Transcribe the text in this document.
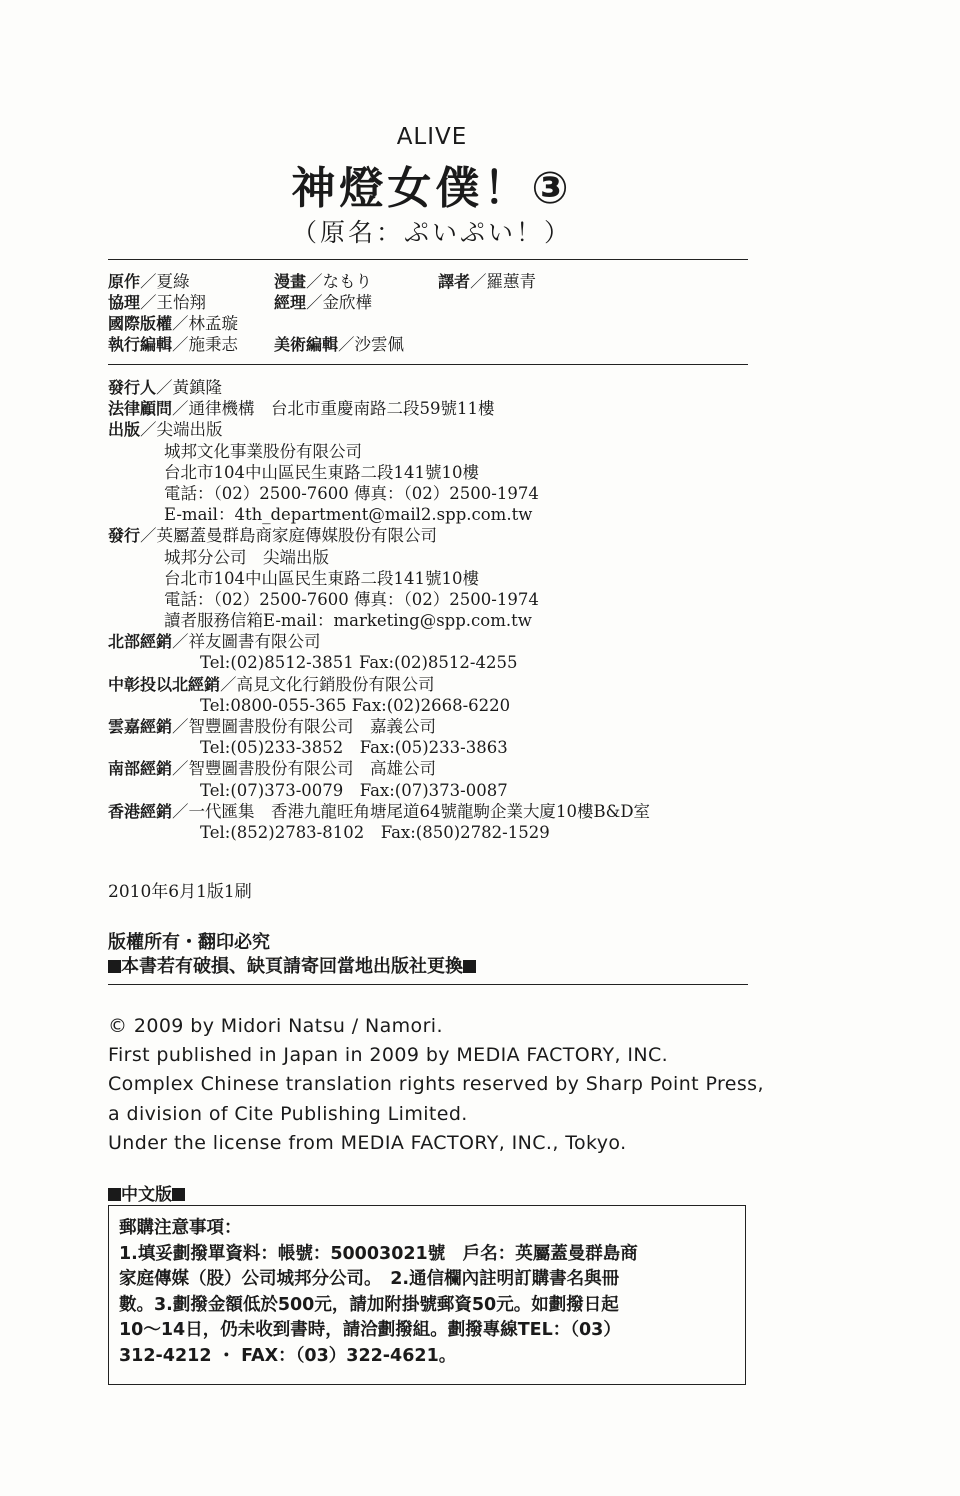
ALIVE
神燈女僕！③
（原名：ぷいぷい！）
原作／夏綠	漫畫／なもり	譯者／羅蕙青
協理／王怡翔	經理／金欣樺
國際版權／林孟璇
執行編輯／施秉志 美術編輯／沙雲佩
發行人／黃鎮隆
法律顧問／通律機構　台北市重慶南路二段59號11樓
出版／尖端出版
城邦文化事業股份有限公司
台北市104中山區民生東路二段141號10樓
電話：（02）2500-7600 傳真：（02）2500-1974
E-mail：4th_department@mail2.spp.com.tw
發行／英屬蓋曼群島商家庭傳媒股份有限公司
城邦分公司　尖端出版
台北市104中山區民生東路二段141號10樓
電話：（02）2500-7600 傳真：（02）2500-1974
讀者服務信箱E-mail：marketing@spp.com.tw
北部經銷／祥友圖書有限公司
Tel:(02)8512-3851 Fax:(02)8512-4255
中彰投以北經銷／高見文化行銷股份有限公司
Tel:0800-055-365 Fax:(02)2668-6220
雲嘉經銷／智豐圖書股份有限公司　嘉義公司
Tel:(05)233-3852　Fax:(05)233-3863
南部經銷／智豐圖書股份有限公司　高雄公司
Tel:(07)373-0079　Fax:(07)373-0087
香港經銷／一代匯集　香港九龍旺角塘尾道64號龍駒企業大廈10樓B&D室
Tel:(852)2783-8102　Fax:(850)2782-1529
2010年6月1版1刷
版權所有・翻印必究
本書若有破損、缺頁請寄回當地出版社更換
© 2009 by Midori Natsu / Namori.
First published in Japan in 2009 by MEDIA FACTORY, INC.
Complex Chinese translation rights reserved by Sharp Point Press,
a division of Cite Publishing Limited.
Under the license from MEDIA FACTORY, INC., Tokyo.
中文版
郵購注意事項：
1.填妥劃撥單資料：帳號：50003021號　戶名：英屬蓋曼群島商
家庭傳媒（股）公司城邦分公司。　2.通信欄內註明訂購書名與冊
數。3.劃撥金額低於500元，請加附掛號郵資50元。如劃撥日起
10～14日，仍未收到書時，請洽劃撥組。劃撥專線TEL：（03）
312-4212 ・ FAX：（03）322-4621。
